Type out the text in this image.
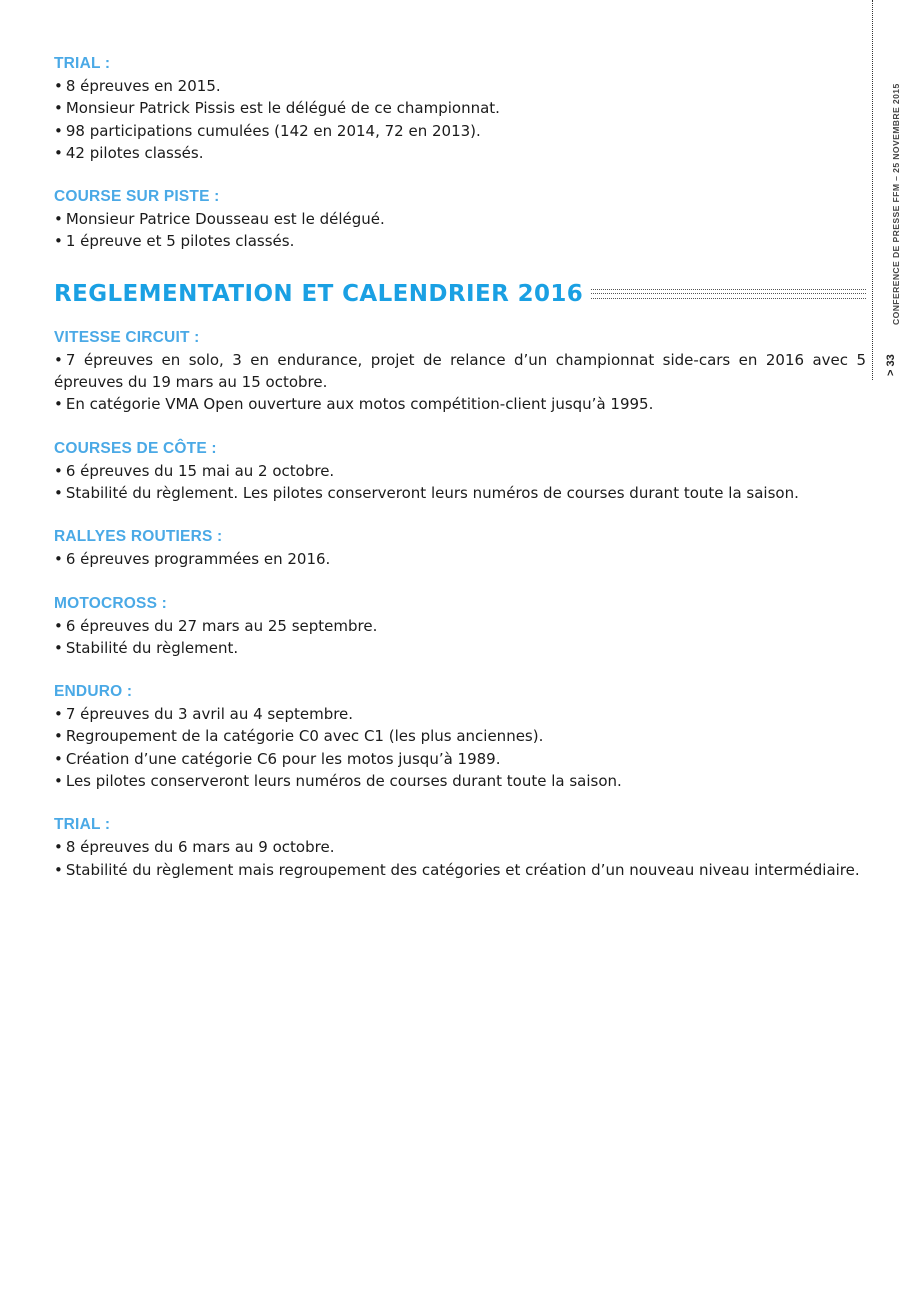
CONFERENCE DE PRESSE FFM – 25 NOVEMBRE 2015
> 33
TRIAL :
• 8 épreuves en 2015.
• Monsieur Patrick Pissis est le délégué de ce championnat.
• 98 participations cumulées (142 en 2014, 72 en 2013).
• 42 pilotes classés.
COURSE SUR PISTE :
• Monsieur Patrice Dousseau est le délégué.
• 1 épreuve et 5 pilotes classés.
REGLEMENTATION ET CALENDRIER 2016
VITESSE CIRCUIT :
• 7 épreuves en solo, 3 en endurance, projet de relance d’un championnat side-cars en 2016 avec 5 épreuves du 19 mars au 15 octobre.
• En catégorie VMA Open ouverture aux motos compétition-client jusqu’à 1995.
COURSES DE CÔTE :
• 6 épreuves du 15 mai au 2 octobre.
• Stabilité du règlement. Les pilotes conserveront leurs numéros de courses durant toute la saison.
RALLYES ROUTIERS :
• 6 épreuves programmées en 2016.
MOTOCROSS :
• 6 épreuves du 27 mars au 25 septembre.
• Stabilité du règlement.
ENDURO :
• 7 épreuves du 3 avril au 4 septembre.
• Regroupement de la catégorie C0 avec C1 (les plus anciennes).
• Création d’une catégorie C6 pour les motos jusqu’à 1989.
• Les pilotes conserveront leurs numéros de courses durant toute la saison.
TRIAL :
• 8 épreuves du 6 mars au 9 octobre.
• Stabilité du règlement mais regroupement des catégories et création d’un nouveau niveau intermédiaire.
